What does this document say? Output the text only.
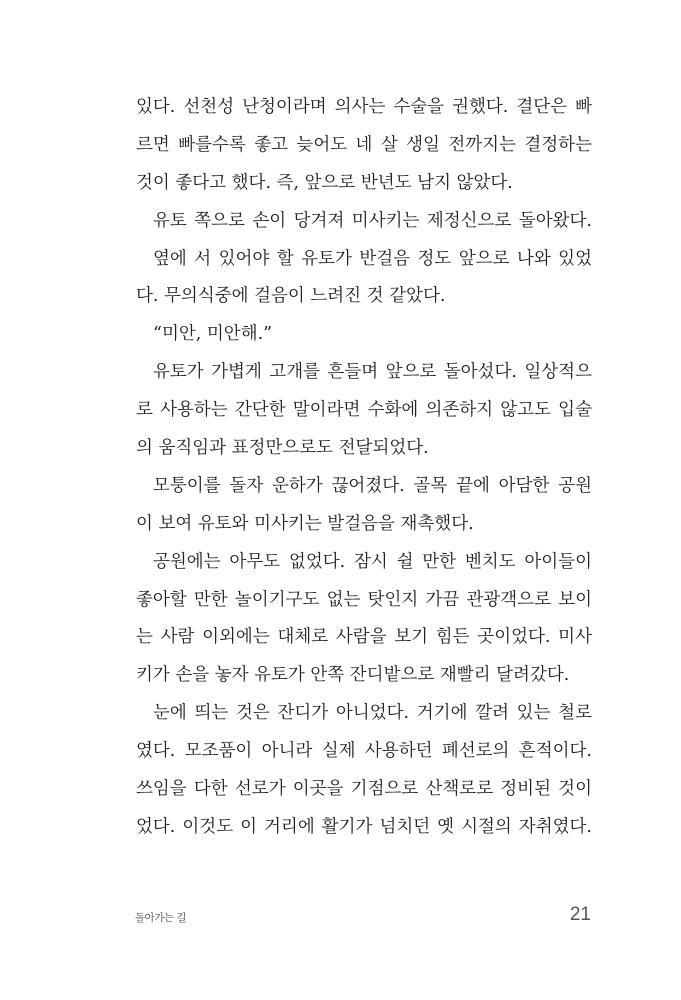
있다. 선천성 난청이라며 의사는 수술을 권했다. 결단은 빠
르면 빠를수록 좋고 늦어도 네 살 생일 전까지는 결정하는
것이 좋다고 했다. 즉, 앞으로 반년도 남지 않았다.
유토 쪽으로 손이 당겨져 미사키는 제정신으로 돌아왔다.
옆에 서 있어야 할 유토가 반걸음 정도 앞으로 나와 있었
다. 무의식중에 걸음이 느려진 것 같았다.
“미안, 미안해.”
유토가 가볍게 고개를 흔들며 앞으로 돌아섰다. 일상적으
로 사용하는 간단한 말이라면 수화에 의존하지 않고도 입술
의 움직임과 표정만으로도 전달되었다.
모퉁이를 돌자 운하가 끊어졌다. 골목 끝에 아담한 공원
이 보여 유토와 미사키는 발걸음을 재촉했다.
공원에는 아무도 없었다. 잠시 쉴 만한 벤치도 아이들이
좋아할 만한 놀이기구도 없는 탓인지 가끔 관광객으로 보이
는 사람 이외에는 대체로 사람을 보기 힘든 곳이었다. 미사
키가 손을 놓자 유토가 안쪽 잔디밭으로 재빨리 달려갔다.
눈에 띄는 것은 잔디가 아니었다. 거기에 깔려 있는 철로
였다. 모조품이 아니라 실제 사용하던 폐선로의 흔적이다.
쓰임을 다한 선로가 이곳을 기점으로 산책로로 정비된 것이
었다. 이것도 이 거리에 활기가 넘치던 옛 시절의 자취였다.
돌아가는 길	21
